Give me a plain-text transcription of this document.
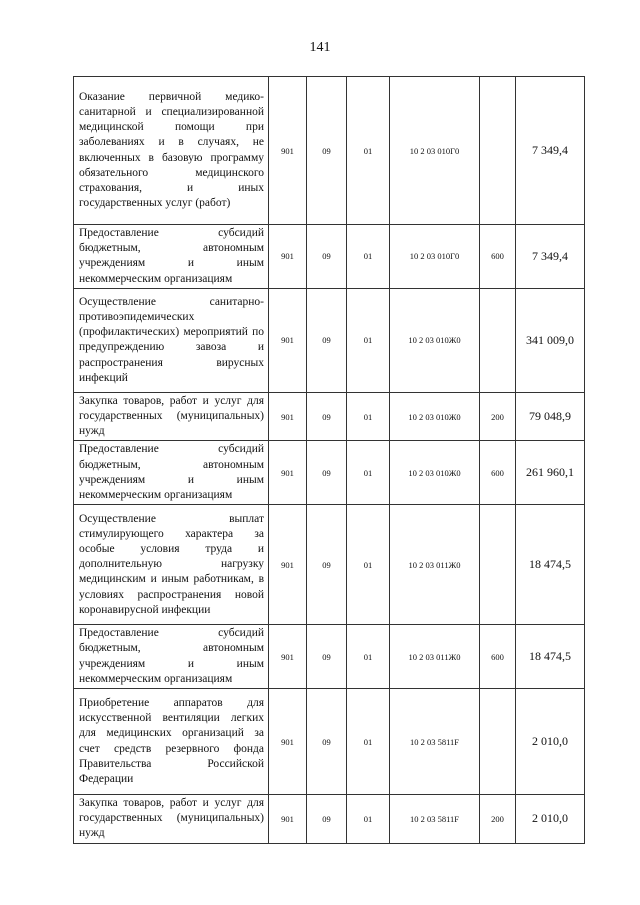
141
Оказание первичной медико-санитарной и специализированной медицинской помощи при заболеваниях и в случаях, не включенных в базовую программу обязательного медицинского страхования, и иных государственных услуг (работ)	901	09	01	10 2 03 010Г0		7 349,4
Предоставление субсидий бюджетным, автономным учреждениям и иным некоммерческим организациям	901	09	01	10 2 03 010Г0	600	7 349,4
Осуществление санитарно-противоэпидемических (профилактических) мероприятий по предупреждению завоза и распространения вирусных инфекций	901	09	01	10 2 03 010Ж0		341 009,0
Закупка товаров, работ и услуг для государственных (муниципальных) нужд	901	09	01	10 2 03 010Ж0	200	79 048,9
Предоставление субсидий бюджетным, автономным учреждениям и иным некоммерческим организациям	901	09	01	10 2 03 010Ж0	600	261 960,1
Осуществление выплат стимулирующего характера за особые условия труда и дополнительную нагрузку медицинским и иным работникам, в условиях распространения новой коронавирусной инфекции	901	09	01	10 2 03 011Ж0		18 474,5
Предоставление субсидий бюджетным, автономным учреждениям и иным некоммерческим организациям	901	09	01	10 2 03 011Ж0	600	18 474,5
Приобретение аппаратов для искусственной вентиляции легких для медицинских организаций за счет средств резервного фонда Правительства Российской Федерации	901	09	01	10 2 03 5811F		2 010,0
Закупка товаров, работ и услуг для государственных (муниципальных) нужд	901	09	01	10 2 03 5811F	200	2 010,0
